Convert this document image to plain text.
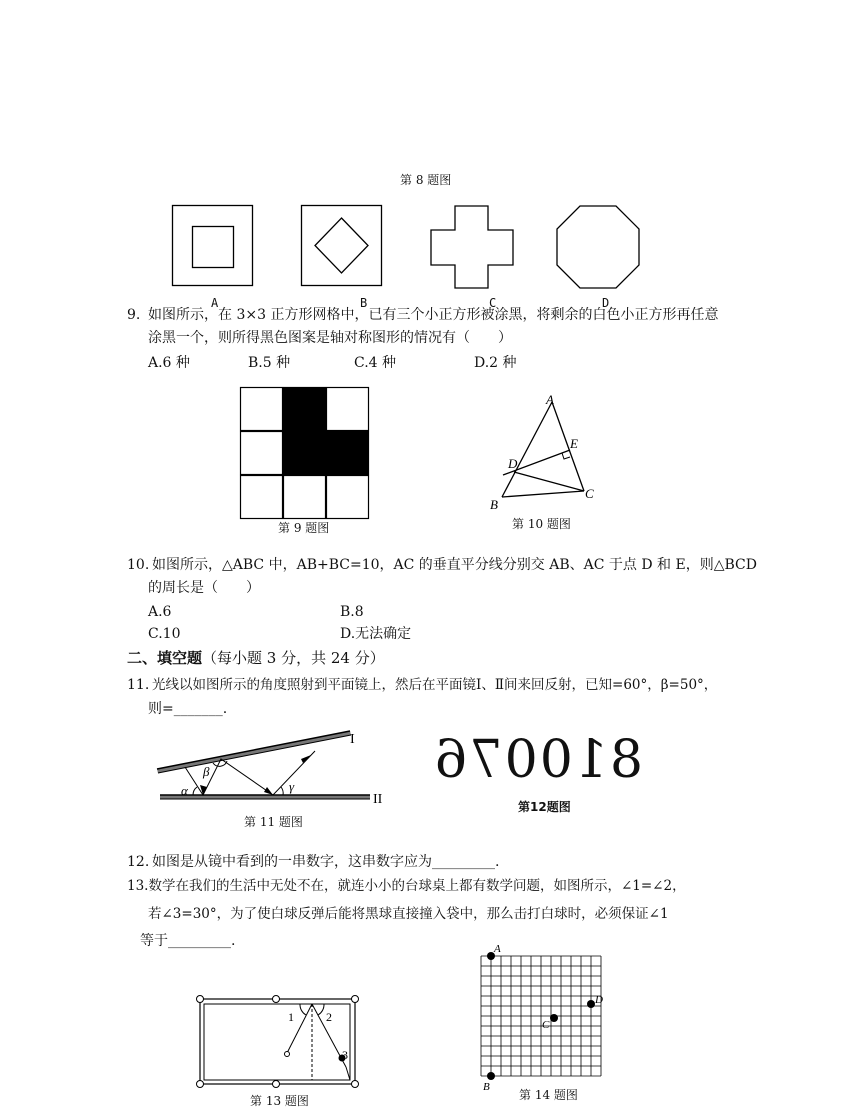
第 8 题图
A	B	C	D
9. 如图所示，在 3×3 正方形网格中，已有三个小正方形被涂黑，将剩余的白色小正方形再任意
涂黑一个，则所得黑色图案是轴对称图形的情况有（　　）
A.6 种	B.5 种	C.4 种	D.2 种
第 9 题图
A
B
C
D
E
第 10 题图
10. 如图所示，△ABC 中，AB+BC=10，AC 的垂直平分线分别交 AB、AC 于点 D 和 E，则△BCD
的周长是（　　）
A.6	B.8
C.10	D.无法确定
二、填空题（每小题 3 分，共 24 分）
11. 光线以如图所示的角度照射到平面镜上，然后在平面镜Ⅰ、Ⅱ间来回反射，已知=60°，β=50°，
则=_______.
α
β
γ
I
II
第 11 题图
810076
第12题图
12. 如图是从镜中看到的一串数字，这串数字应为_________.
13.数学在我们的生活中无处不在，就连小小的台球桌上都有数学问题，如图所示，∠1=∠2，
若∠3=30°，为了使白球反弹后能将黑球直接撞入袋中，那么击打白球时，必须保证∠1
等于_________.
1	2
3
第 13 题图
A
B
C
D
第 14 题图
